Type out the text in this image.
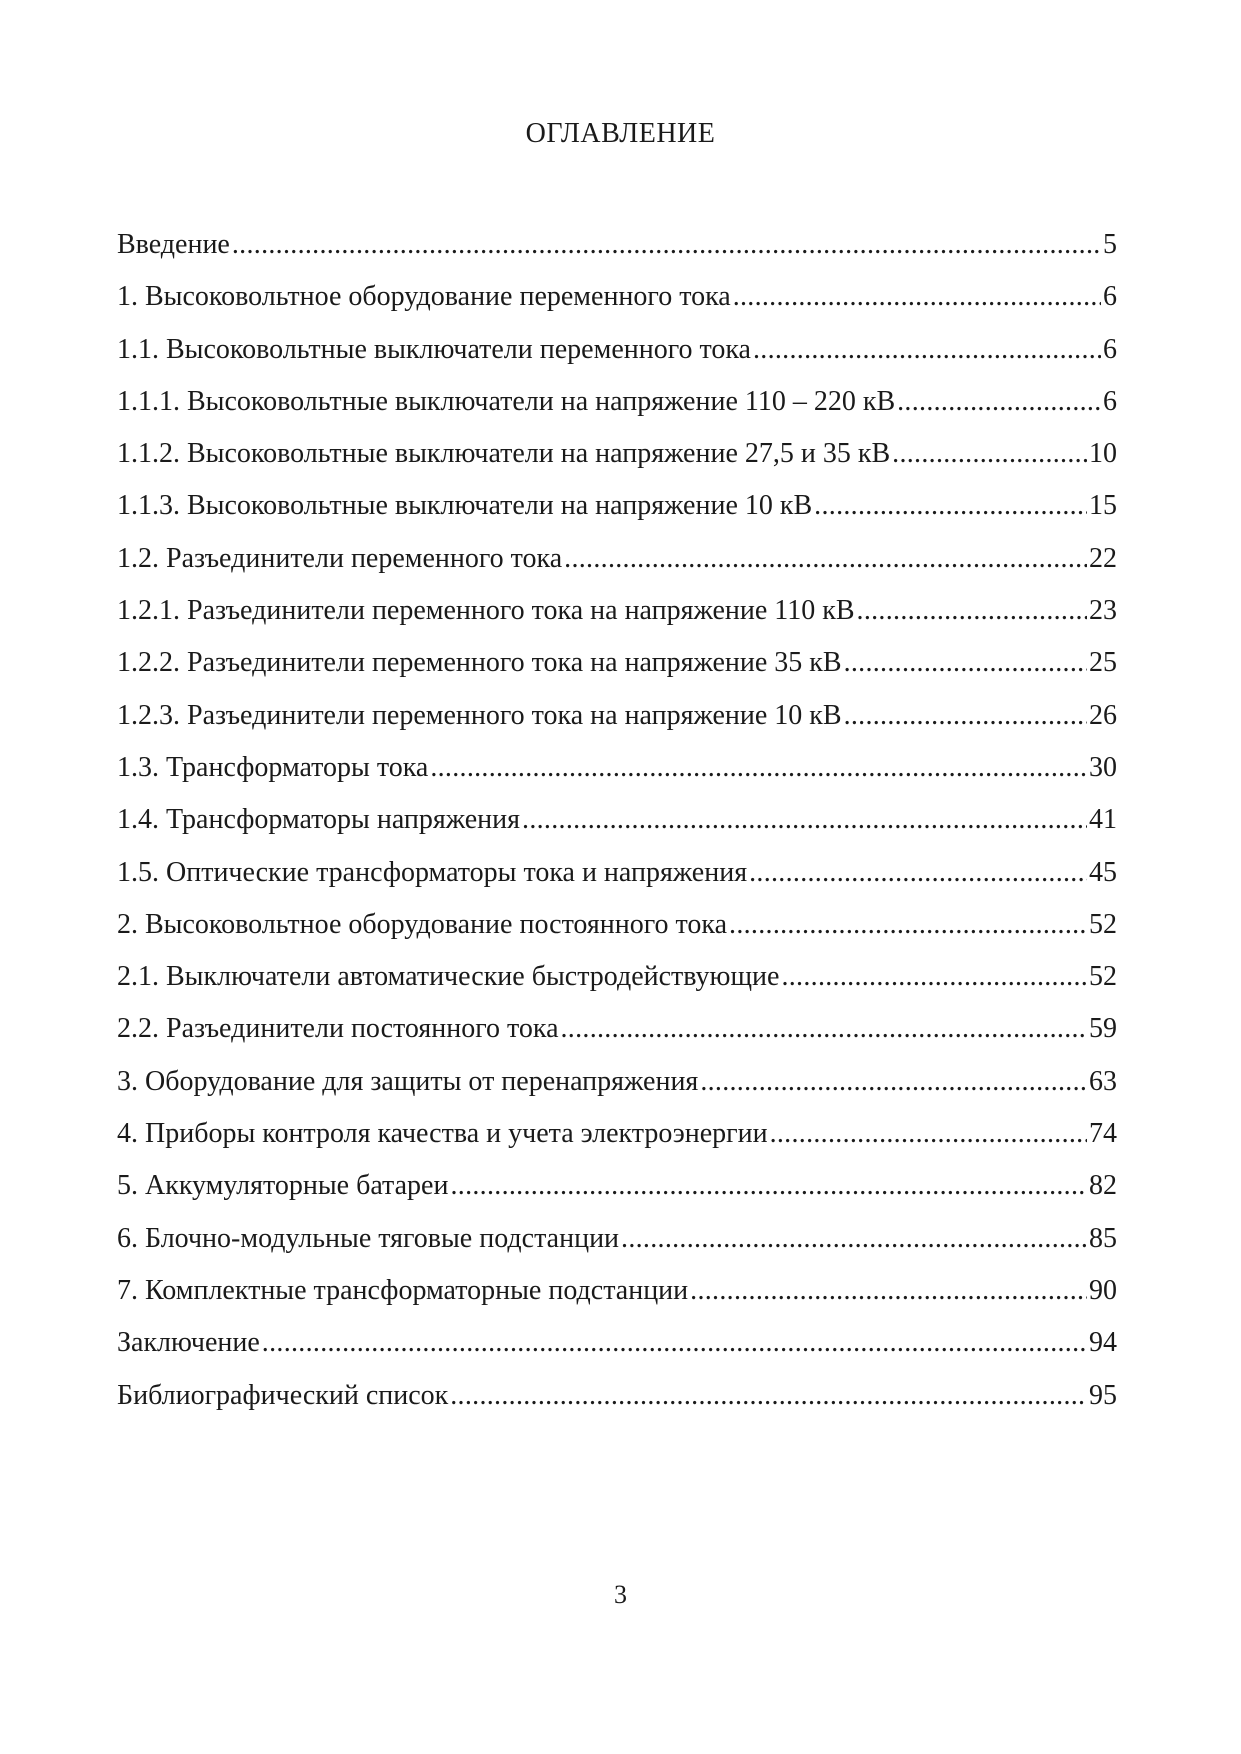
ОГЛАВЛЕНИЕ
Введение .....	5
1. Высоковольтное оборудование переменного тока .....	6
1.1. Высоковольтные выключатели переменного тока .....	6
1.1.1. Высоковольтные выключатели на напряжение 110 – 220 кВ .....	6
1.1.2. Высоковольтные выключатели на напряжение 27,5 и 35 кВ .....	10
1.1.3. Высоковольтные выключатели на напряжение 10 кВ .....	15
1.2. Разъединители переменного тока .....	22
1.2.1. Разъединители переменного тока на напряжение 110 кВ .....	23
1.2.2. Разъединители переменного тока на напряжение 35 кВ .....	25
1.2.3. Разъединители переменного тока на напряжение 10 кВ .....	26
1.3. Трансформаторы тока .....	30
1.4. Трансформаторы напряжения .....	41
1.5. Оптические трансформаторы тока и напряжения .....	45
2. Высоковольтное оборудование постоянного тока .....	52
2.1. Выключатели автоматические быстродействующие .....	52
2.2. Разъединители постоянного тока .....	59
3. Оборудование для защиты от перенапряжения .....	63
4. Приборы контроля качества и учета электроэнергии .....	74
5. Аккумуляторные батареи .....	82
6. Блочно-модульные тяговые подстанции .....	85
7. Комплектные трансформаторные подстанции .....	90
Заключение .....	94
Библиографический список .....	95
3
